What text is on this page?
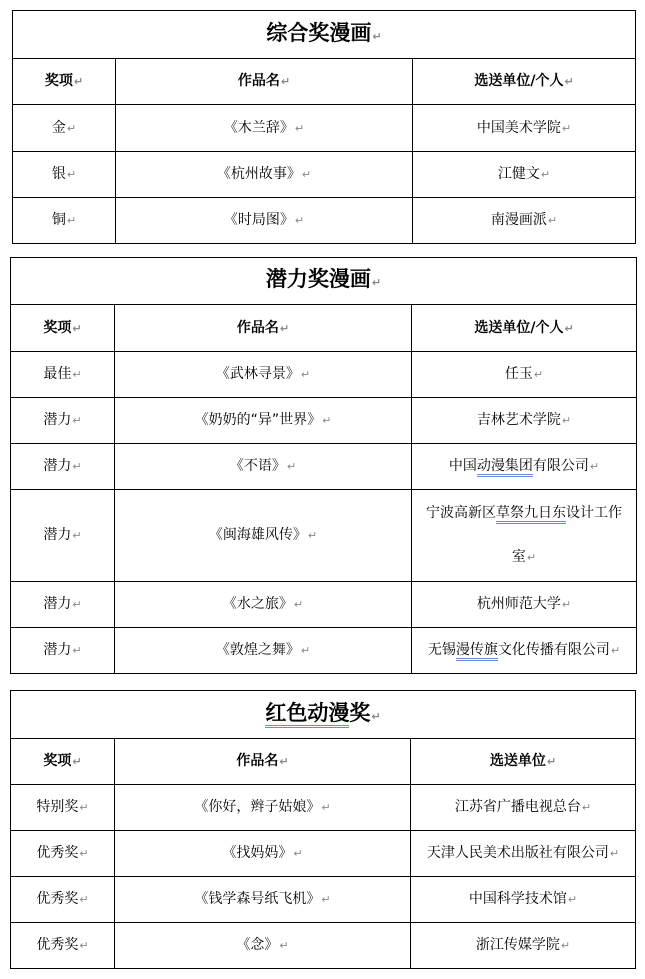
综合奖漫画↵		
奖项↵	作品名↵	选送单位/个人↵
金↵	《木兰辞》↵	中国美术学院↵
银↵	《杭州故事》↵	江健文↵
铜↵	《时局图》↵	南漫画派↵
潜力奖漫画↵		
奖项↵	作品名↵	选送单位/个人↵
最佳↵	《武林寻景》↵	任玉↵
潜力↵	《奶奶的“异”世界》↵	吉林艺术学院↵
潜力↵	《不语》↵	中国动漫集团有限公司↵
潜力↵	《闽海雄风传》↵	宁波高新区草祭九日东设计工作
室↵
潜力↵	《水之旅》↵	杭州师范大学↵
潜力↵	《敦煌之舞》↵	无锡漫传旗文化传播有限公司↵
红色动漫奖↵		
奖项↵	作品名↵	选送单位↵
特别奖↵	《你好，辫子姑娘》↵	江苏省广播电视总台↵
优秀奖↵	《找妈妈》↵	天津人民美术出版社有限公司↵
优秀奖↵	《钱学森号纸飞机》↵	中国科学技术馆↵
优秀奖↵	《念》↵	浙江传媒学院↵
